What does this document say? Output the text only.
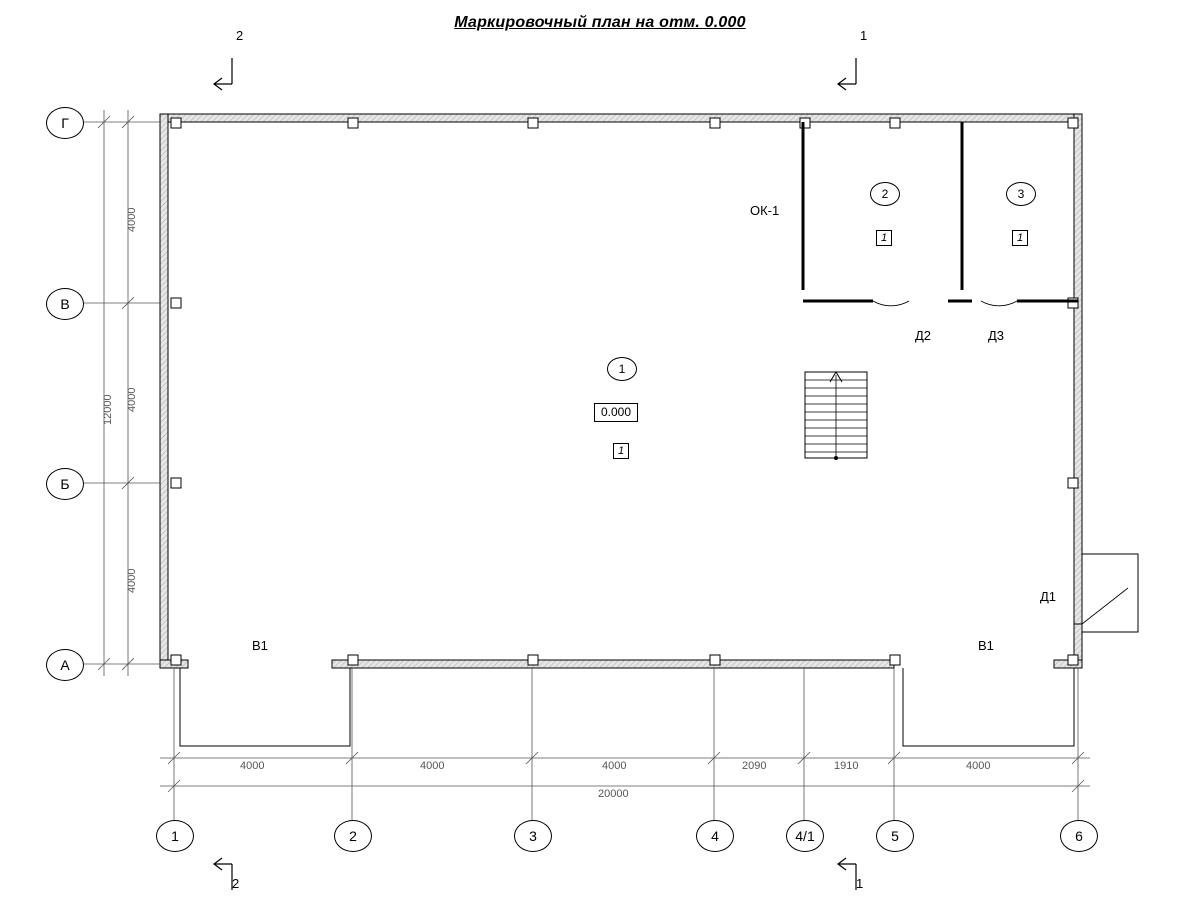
Маркировочный план на отм. 0.000
2	1
2	1
Г
В
Б
А
1	2	3	4	4/1	5	6
4000
4000
4000
12000
4000	4000	4000	2090	1910	4000
20000
1
0.000
1
2
1
3
1
ОК-1
Д1
Д2	Д3
В1	В1
